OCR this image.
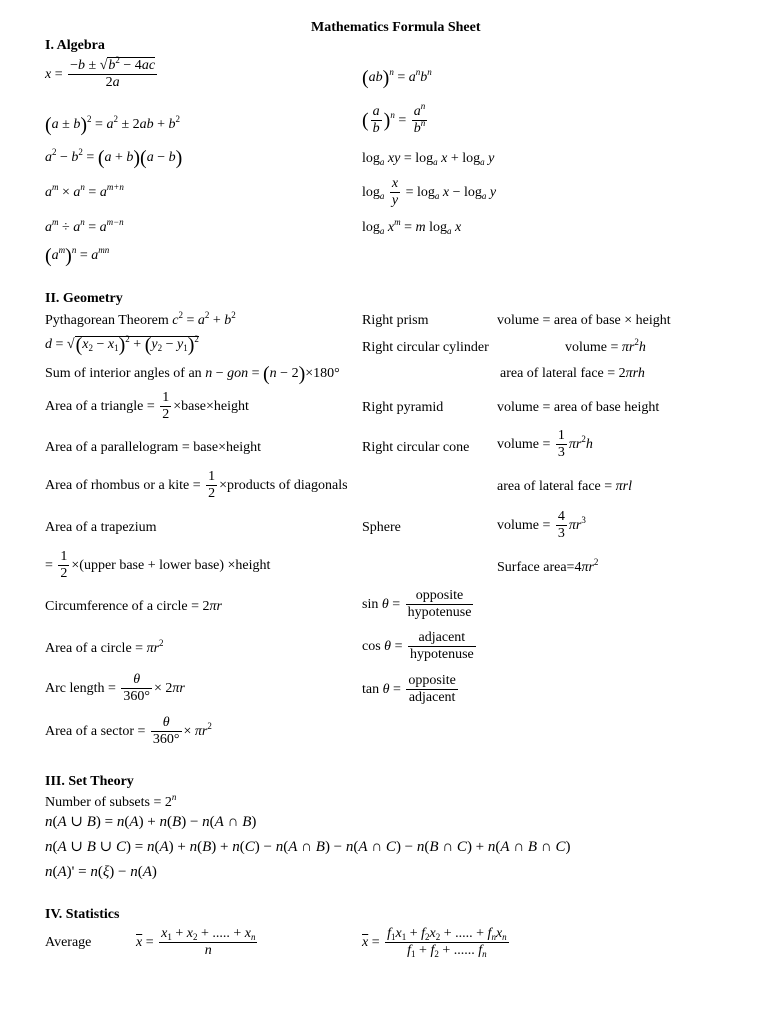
Mathematics Formula Sheet
I. Algebra
$x = \frac{-b \pm √b^2 - 4ac}{2a}$
$(a \pm b)^2 = a^2 \pm 2ab + b^2$
$a^2 - b^2 = (a + b)(a - b)$
$a^m \times a^n = a^{m+n}$
$a^m \div a^n = a^{m-n}$
$(a^m)^n = a^{mn}$
$(ab)^n = a^nb^n$
( $\frac{a}{b} )^n = \frac{a^n}{b^n}$
$\log_a$ xy = $\log_a x + \log_a y$
$\log_a \frac{x}{y} = \log_a x - \log_a y$
$\log_a x^m = m$ $\log_a x$
II. Geometry
Pythagorean Theorem $c^2 = a^2 + b^2$
$d = √(x_2 - x_1)^2 + (y_2 - y_1)^2$
Sum of interior angles of an n − gon = (n − 2)×180°
Area of a triangle = $\frac{1}{2}$ ×base×height
Area of a parallelogram = base×height
Area of rhombus or a kite = $\frac{1}{2}$ ×products of diagonals
Area of a trapezium
= $\frac{1}{2}$ ×(upper base + lower base) ×height
Circumference of a circle = 2πr
Area of a circle = $\pi r^2$
Arc length = $\frac{\theta}{360^\circ} \times 2\pi r$
Area of a sector = $\frac{\theta}{360^\circ} \times \pi r^2$
Right prism
Right circular cylinder
Right pyramid
Right circular cone
Sphere
$\sin \theta = \frac{\text{opposite}}{\text{hypotenuse}}$
$\cos \theta = \frac{\text{adjacent}}{\text{hypotenuse}}$
$\tan \theta = \frac{\text{opposite}}{\text{adjacent}}$
volume = area of base × height
volume = $\pi r^2h$
area of lateral face = 2πrh
volume = area of base height
volume = $\frac{1}{3} \pi r^2h$
area of lateral face = πrl
volume = $\frac{4}{3} \pi r^3$
Surface $area=4\pi r^2$
III. Set Theory
Number of subsets = $2^n$
n(A ∪ B) = n(A) + n(B) − n(A ∩ B)
n(A ∪ B ∪ C) = n(A) + n(B) + n(C) − n(A ∩ B) − n(A ∩ C) − n(B ∩ C) + n(A ∩ B ∩ C)
n(A)' = n(ξ) − n(A)
IV. Statistics
Average	$\overline{x} = \frac{x_1 + x_2 + ..... + x_n}{n}$	$\overline{x} = \frac{f_1x_1 + f_2x_2 + ..... + f_nx_n}{f_1 + f_2 + ...... f_n}$
